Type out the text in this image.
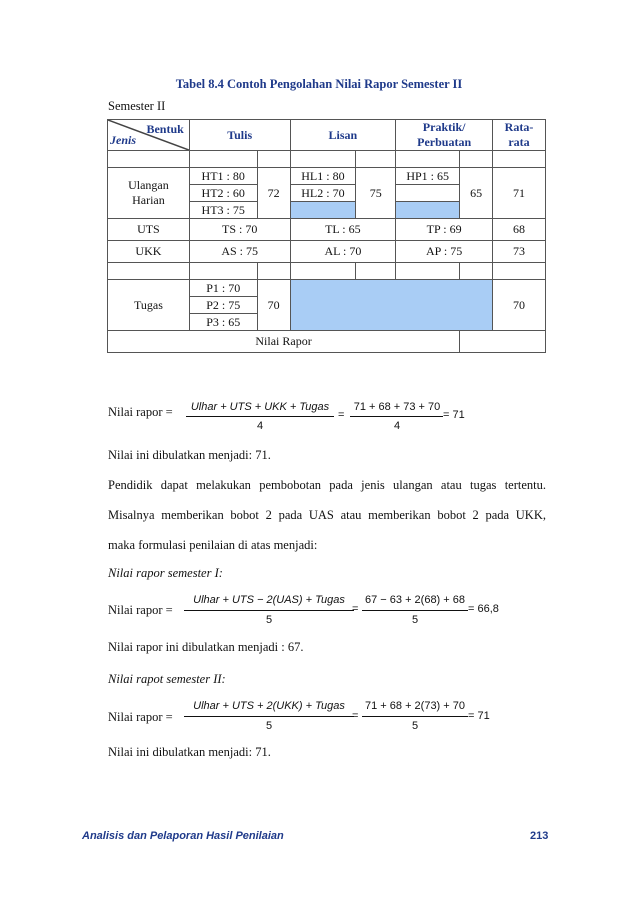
Tabel 8.4 Contoh Pengolahan Nilai Rapor Semester II
Semester II
Bentuk
Jenis	Tulis		Lisan		Praktik/ Perbuatan		Rata-rata

Ulangan Harian	HT1 : 80	72	HL1 : 80	75	HP1 : 65	65	71
	HT2 : 60		HL2 : 70				
	HT3 : 75						
UTS	TS : 70		TL : 65		TP : 69		68
UKK	AS : 75		AL : 70		AP : 75		73

Tugas	P1 : 70	70					70
	P2 : 75						
	P3 : 65						
Nilai Rapor							
Nilai rapor = Ulhar + UTS + UKK + Tugas
4
=
71 + 68 + 73 + 70
4
= 71
Nilai ini dibulatkan menjadi: 71.
Pendidik dapat melakukan pembobotan pada jenis ulangan atau tugas tertentu.
Misalnya memberikan bobot 2 pada UAS atau memberikan bobot 2 pada UKK,
maka formulasi penilaian di atas menjadi:
Nilai rapor semester I:
Nilai rapor =
Ulhar + UTS − 2(UAS) + Tugas
5
=
67 − 63 + 2(68) + 68
5
= 66,8
Nilai rapor ini dibulatkan menjadi : 67.
Nilai rapot semester II:
Nilai rapor =
Ulhar + UTS + 2(UKK) + Tugas
5
=
71 + 68 + 2(73) + 70
5
= 71
Nilai ini dibulatkan menjadi: 71.
Analisis dan Pelaporan Hasil Penilaian	213
